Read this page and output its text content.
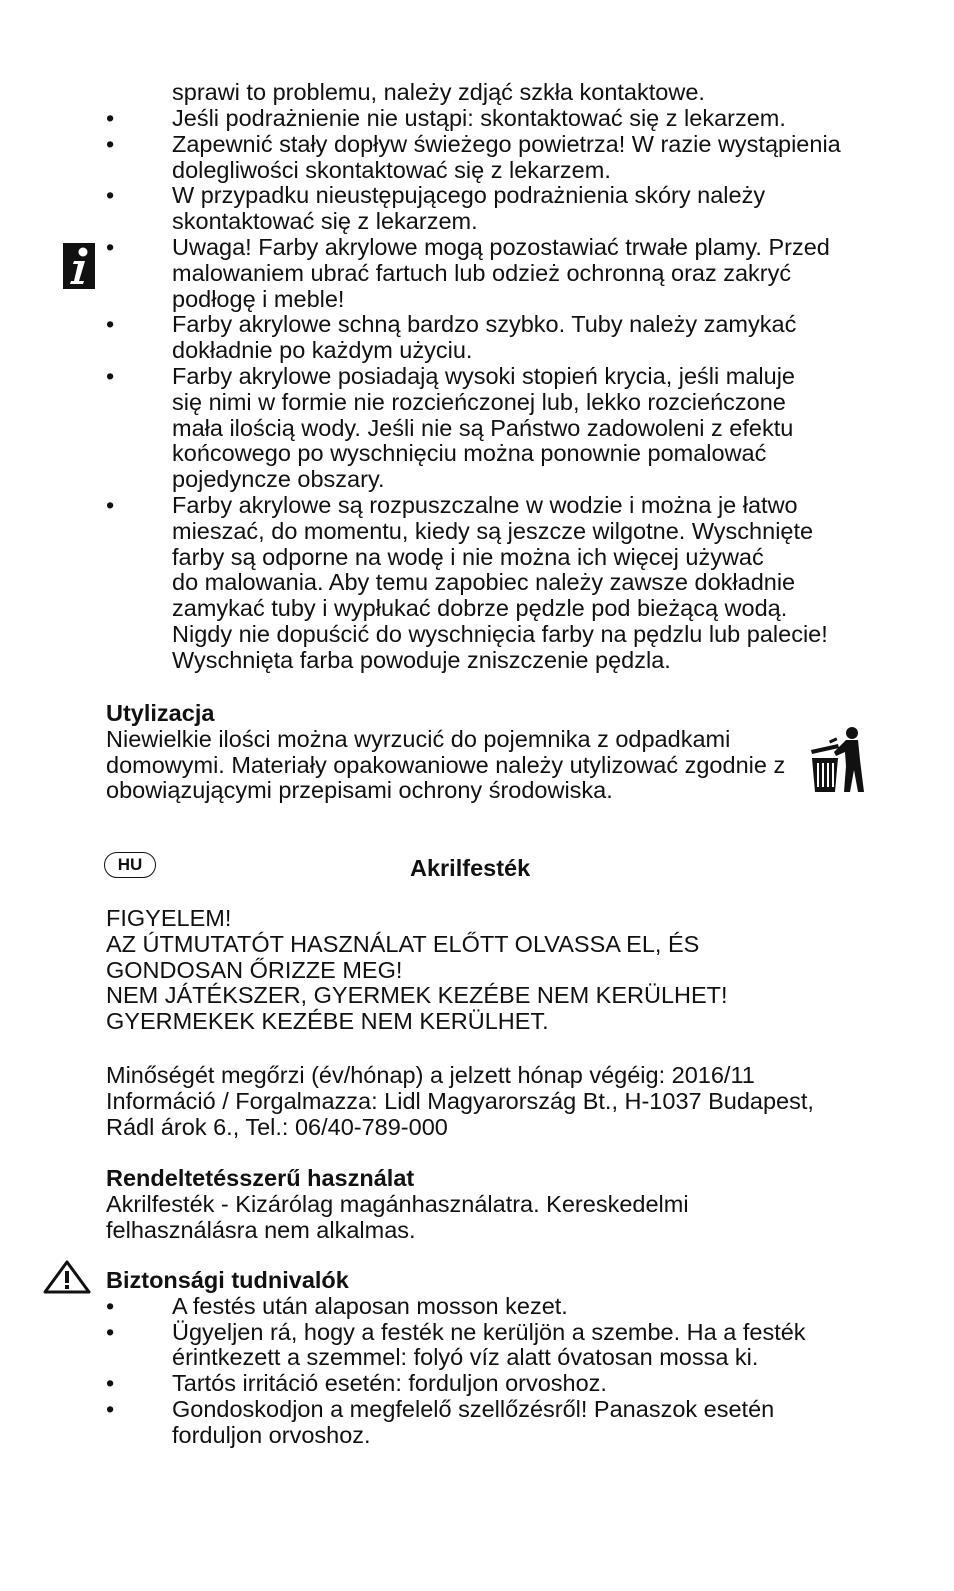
sprawi to problemu, należy zdjąć szkła kontaktowe.
•	Jeśli podrażnienie nie ustąpi: skontaktować się z lekarzem.
•	Zapewnić stały dopływ świeżego powietrza! W razie wystąpienia
dolegliwości skontaktować się z lekarzem.
•	W przypadku nieustępującego podrażnienia skóry należy
skontaktować się z lekarzem.
•	Uwaga! Farby akrylowe mogą pozostawiać trwałe plamy. Przed
malowaniem ubrać fartuch lub odzież ochronną oraz zakryć
podłogę i meble!
•	Farby akrylowe schną bardzo szybko. Tuby należy zamykać
dokładnie po każdym użyciu.
•	Farby akrylowe posiadają wysoki stopień krycia, jeśli maluje
się nimi w formie nie rozcieńczonej lub, lekko rozcieńczone
mała ilością wody. Jeśli nie są Państwo zadowoleni z efektu
końcowego po wyschnięciu można ponownie pomalować
pojedyncze obszary.
•	Farby akrylowe są rozpuszczalne w wodzie i można je łatwo
mieszać, do momentu, kiedy są jeszcze wilgotne. Wyschnięte
farby są odporne na wodę i nie można ich więcej używać
do malowania. Aby temu zapobiec należy zawsze dokładnie
zamykać tuby i wypłukać dobrze pędzle pod bieżącą wodą.
Nigdy nie dopuścić do wyschnięcia farby na pędzlu lub palecie!
Wyschnięta farba powoduje zniszczenie pędzla.
Utylizacja
Niewielkie ilości można wyrzucić do pojemnika z odpadkami
domowymi. Materiały opakowaniowe należy utylizować zgodnie z
obowiązującymi przepisami ochrony środowiska.
HU	Akrilfesték
FIGYELEM!
AZ ÚTMUTATÓT HASZNÁLAT ELŐTT OLVASSA EL, ÉS
GONDOSAN ŐRIZZE MEG!
NEM JÁTÉKSZER, GYERMEK KEZÉBE NEM KERÜLHET!
GYERMEKEK KEZÉBE NEM KERÜLHET.
Minőségét megőrzi (év/hónap) a jelzett hónap végéig: 2016/11
Információ / Forgalmazza: Lidl Magyarország Bt., H-1037 Budapest,
Rádl árok 6., Tel.: 06/40-789-000
Rendeltetésszerű használat
Akrilfesték - Kizárólag magánhasználatra. Kereskedelmi
felhasználásra nem alkalmas.
Biztonsági tudnivalók
•	A festés után alaposan mosson kezet.
•	Ügyeljen rá, hogy a festék ne kerüljön a szembe. Ha a festék
érintkezett a szemmel: folyó víz alatt óvatosan mossa ki.
•	Tartós irritáció esetén: forduljon orvoshoz.
•	Gondoskodjon a megfelelő szellőzésről! Panaszok esetén
forduljon orvoshoz.
